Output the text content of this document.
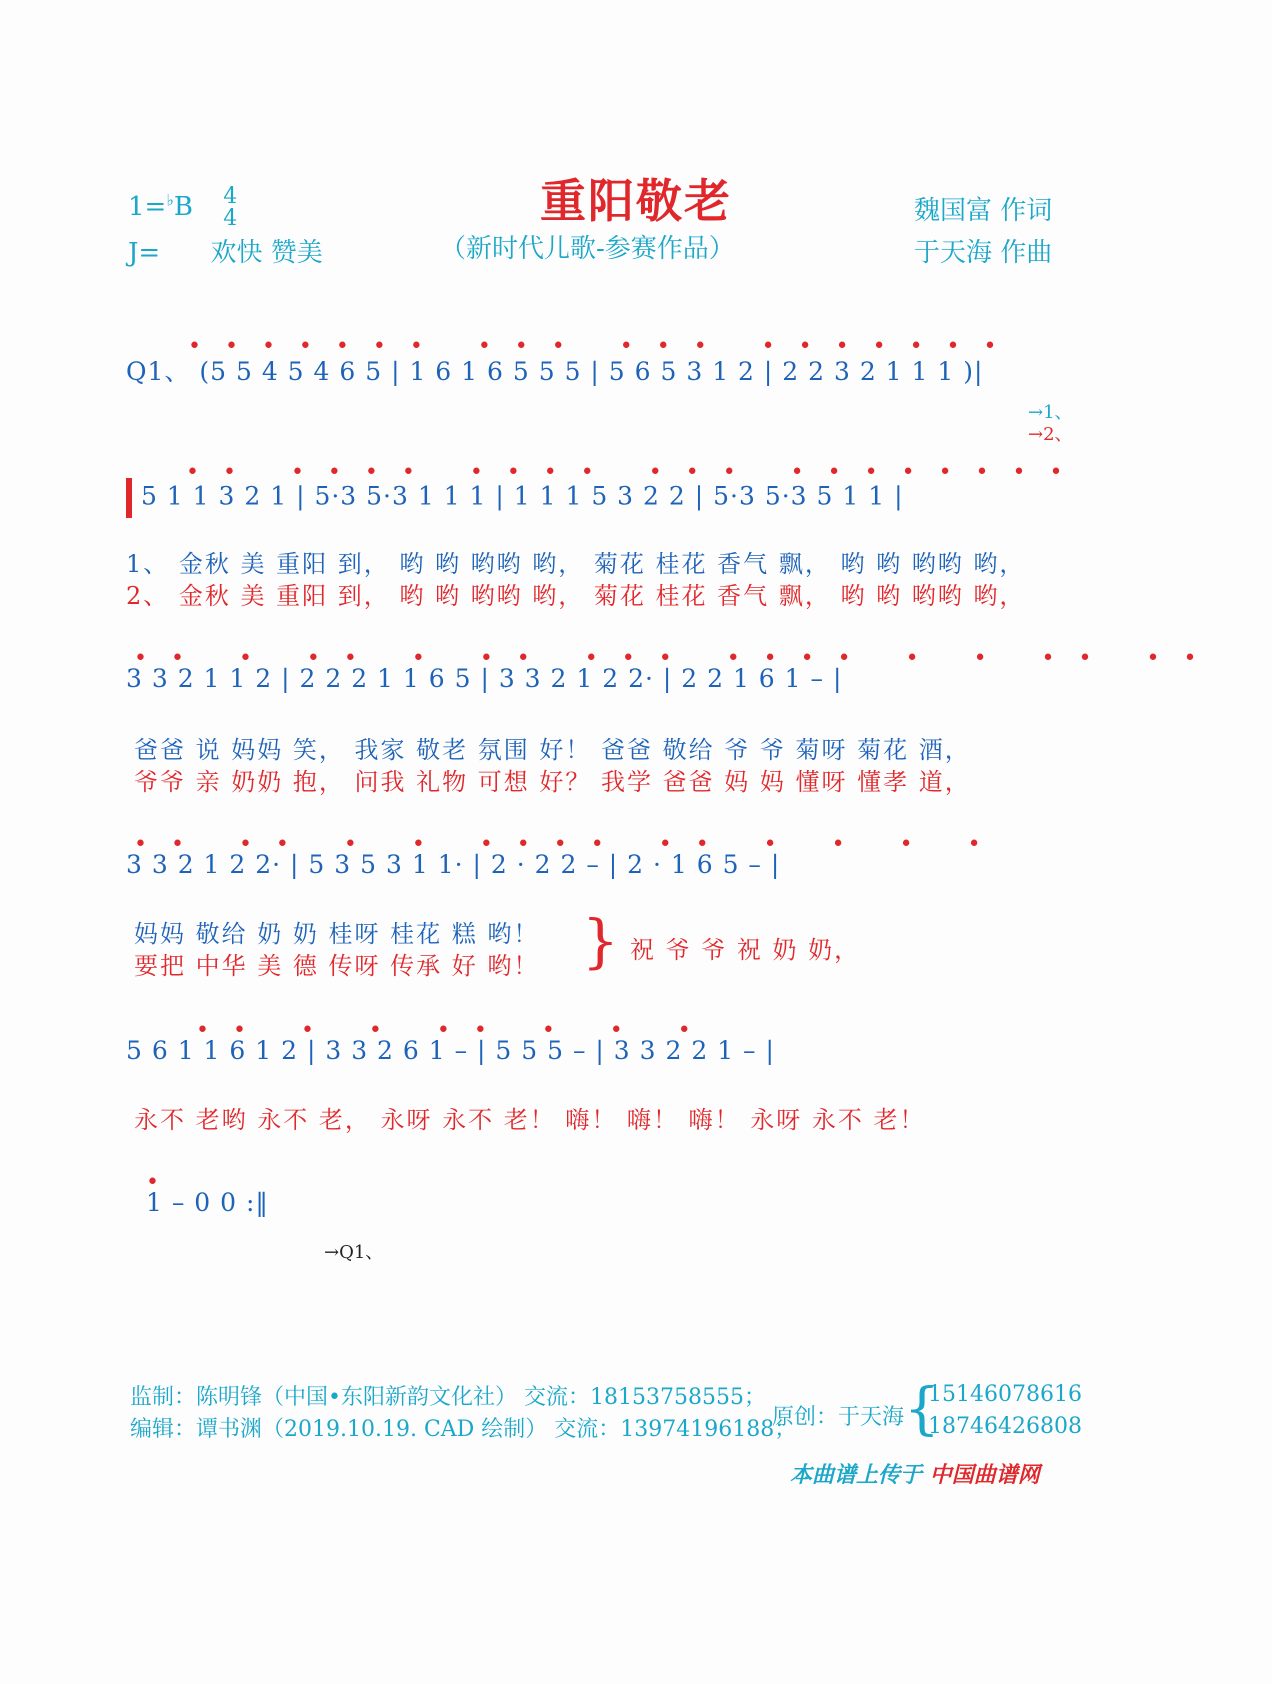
重阳敬老
（新时代儿歌-参赛作品）
1=♭B 4
4
J= 欢快 赞美
魏国富 作词
于天海 作曲
••••••• ••• ••• •••••••
Q1、 (5 5 4 5 4 6 5 | 1 6 1 6 5 5 5 | 5 6 5 3 1 2 | 2 2 3 2 1 1 1 )|
→1、
→2、
•• •••• •••• ••• ••••••••
5 1 1 3 2 1 | 5·3 5·3 1 1 1 | 1 1 1 5 3 2 2 | 5·3 5·3 5 1 1 |
1、 金秋 美 重阳 到， 哟 哟 哟哟 哟， 菊花 桂花 香气 飘， 哟 哟 哟哟 哟，
2、 金秋 美 重阳 到， 哟 哟 哟哟 哟， 菊花 桂花 香气 飘， 哟 哟 哟哟 哟，
•• • •• • •• ••• •••• • • •• ••
3 3 2 1 1 2 | 2 2 2 1 1 6 5 | 3 3 2 1 2 2· | 2 2 1 6 1 – |
爸爸 说 妈妈 笑， 我家 敬老 氛围 好！ 爸爸 敬给 爷 爷 菊呀 菊花 酒，
爷爷 亲 奶奶 抱， 问我 礼物 可想 好？ 我学 爸爸 妈 妈 懂呀 懂孝 道，
•• •• • • •••• •• • • • •
3 3 2 1 2 2· | 5 3 5 3 1 1· | 2 · 2 2 – | 2 · 1 6 5 – |
妈妈 敬给 奶 奶 桂呀 桂花 糕 哟！
要把 中华 美 德 传呀 传承 好 哟！ } 祝 爷 爷 祝 奶 奶，
•• • • •• • • •
5 6 1 1 6 1 2 | 3 3 2 6 1 – | 5 5 5 – | 3 3 2 2 1 – |
永不 老哟 永不 老， 永呀 永不 老！ 嗨！ 嗨！ 嗨！ 永呀 永不 老！
•
1 – 0 0 :‖
→Q1、
监制：陈明锋（中国•东阳新韵文化社） 交流：18153758555；
编辑：谭书渊（2019.10.19. CAD 绘制） 交流：13974196188；
原创：于天海 {
15146078616
18746426808
本曲谱上传于 中国曲谱网
